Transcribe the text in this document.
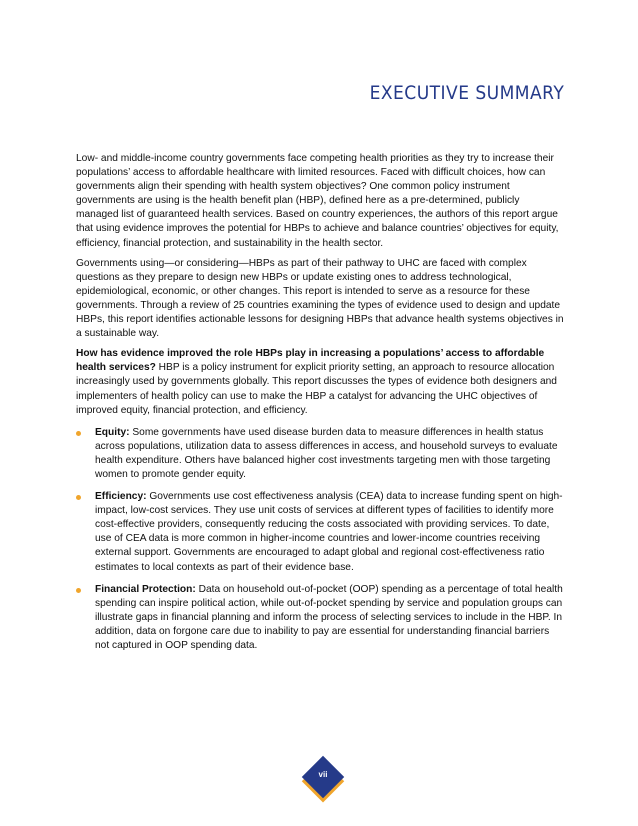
EXECUTIVE SUMMARY

Low- and middle-income country governments face competing health priorities as they try to increase their populations’ access to affordable healthcare with limited resources. Faced with difficult choices, how can governments align their spending with health system objectives? One common policy instrument governments are using is the health benefit plan (HBP), defined here as a pre-determined, publicly managed list of guaranteed health services. Based on country experiences, the authors of this report argue that using evidence improves the potential for HBPs to achieve and balance countries’ objectives for equity, efficiency, financial protection, and sustainability in the health sector.

Governments using—or considering—HBPs as part of their pathway to UHC are faced with complex questions as they prepare to design new HBPs or update existing ones to address technological, epidemiological, economic, or other changes. This report is intended to serve as a resource for these governments. Through a review of 25 countries examining the types of evidence used to design and update HBPs, this report identifies actionable lessons for designing HBPs that advance health systems objectives in a sustainable way.

How has evidence improved the role HBPs play in increasing a populations’ access to affordable health services? HBP is a policy instrument for explicit priority setting, an approach to resource allocation increasingly used by governments globally. This report discusses the types of evidence both designers and implementers of health policy can use to make the HBP a catalyst for advancing the UHC objectives of improved equity, financial protection, and efficiency.

Equity: Some governments have used disease burden data to measure differences in health status across populations, utilization data to assess differences in access, and household surveys to evaluate health expenditure. Others have balanced higher cost investments targeting men with those targeting women to promote gender equity.
Efficiency: Governments use cost effectiveness analysis (CEA) data to increase funding spent on high-impact, low-cost services. They use unit costs of services at different types of facilities to identify more cost-effective providers, consequently reducing the costs associated with providing services. To date, use of CEA data is more common in higher-income countries and lower-income countries receiving external support. Governments are encouraged to adapt global and regional cost-effectiveness ratio estimates to local contexts as part of their evidence base.
Financial Protection: Data on household out-of-pocket (OOP) spending as a percentage of total health spending can inspire political action, while out-of-pocket spending by service and population groups can illustrate gaps in financial planning and inform the process of selecting services to include in the HBP. In addition, data on forgone care due to inability to pay are essential for understanding financial barriers not captured in OOP spending data.
vii
